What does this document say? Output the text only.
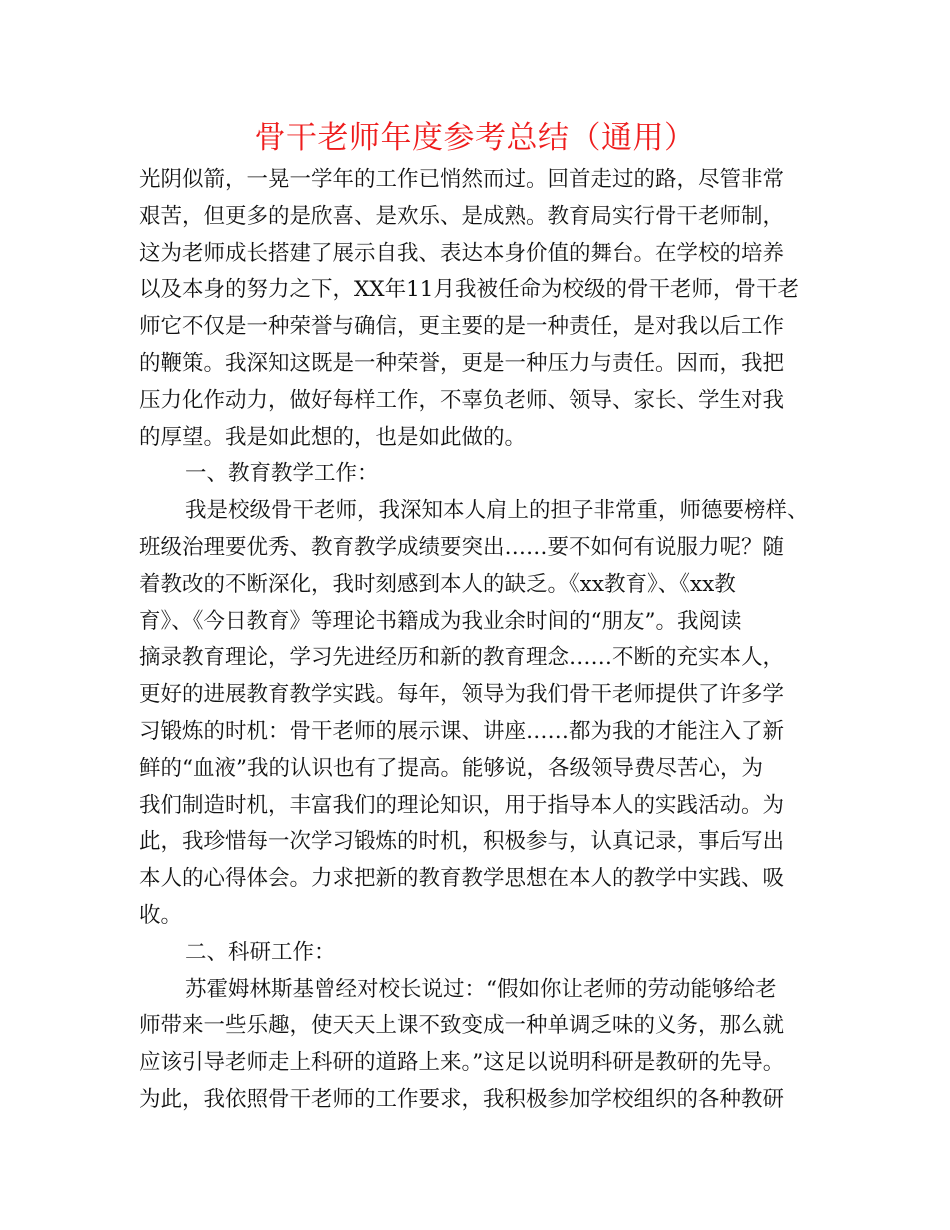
骨干老师年度参考总结（通用）
光阴似箭，一晃一学年的工作已悄然而过。回首走过的路，尽管非常
艰苦，但更多的是欣喜、是欢乐、是成熟。教育局实行骨干老师制，
这为老师成长搭建了展示自我、表达本身价值的舞台。在学校的培养
以及本身的努力之下，XX年11月我被任命为校级的骨干老师，骨干老
师它不仅是一种荣誉与确信，更主要的是一种责任，是对我以后工作
的鞭策。我深知这既是一种荣誉，更是一种压力与责任。因而，我把
压力化作动力，做好每样工作，不辜负老师、领导、家长、学生对我
的厚望。我是如此想的，也是如此做的。
一、教育教学工作：
我是校级骨干老师，我深知本人肩上的担子非常重，师德要榜样、
班级治理要优秀、教育教学成绩要突出……要不如何有说服力呢？随
着教改的不断深化，我时刻感到本人的缺乏。《xx教育》、《xx教
育》、《今日教育》等理论书籍成为我业余时间的“朋友”。我阅读
摘录教育理论，学习先进经历和新的教育理念……不断的充实本人，
更好的进展教育教学实践。每年，领导为我们骨干老师提供了许多学
习锻炼的时机：骨干老师的展示课、讲座……都为我的才能注入了新
鲜的“血液”我的认识也有了提高。能够说，各级领导费尽苦心，为
我们制造时机，丰富我们的理论知识，用于指导本人的实践活动。为
此，我珍惜每一次学习锻炼的时机，积极参与，认真记录，事后写出
本人的心得体会。力求把新的教育教学思想在本人的教学中实践、吸
收。
二、科研工作：
苏霍姆林斯基曾经对校长说过：“假如你让老师的劳动能够给老
师带来一些乐趣，使天天上课不致变成一种单调乏味的义务，那么就
应该引导老师走上科研的道路上来。”这足以说明科研是教研的先导。
为此，我依照骨干老师的工作要求，我积极参加学校组织的各种教研
